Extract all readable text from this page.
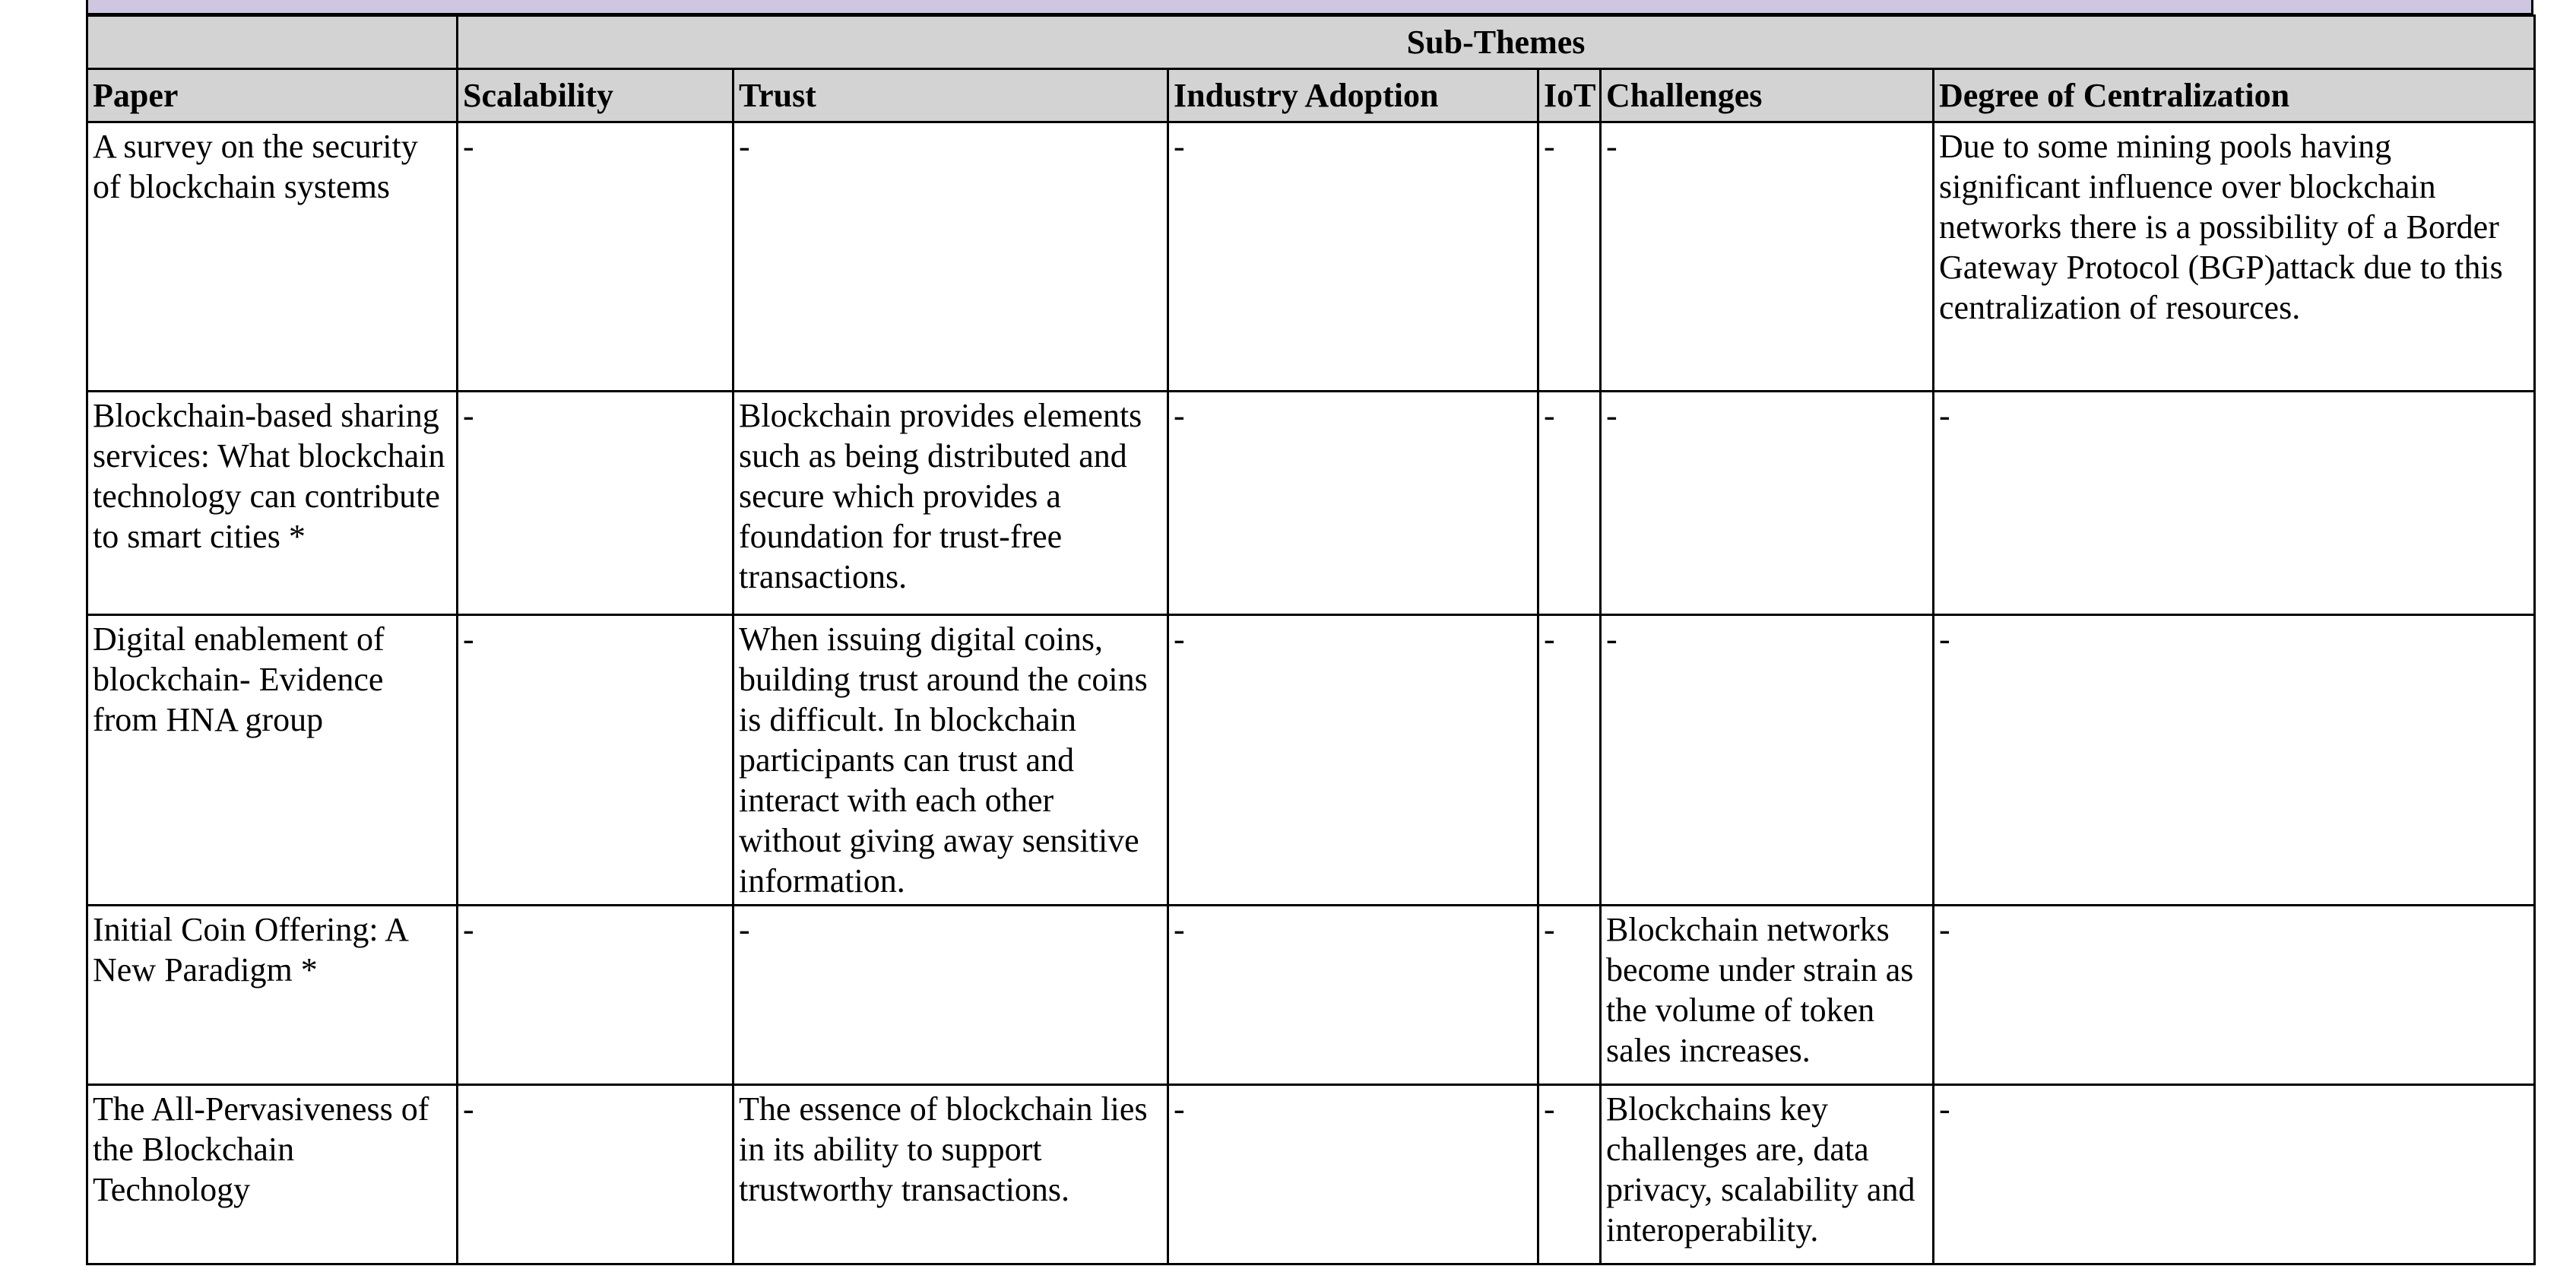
	Sub-Themes					
Paper	Scalability	Trust	Industry Adoption	IoT	Challenges	Degree of Centralization
A survey on the security of blockchain systems	-	-	-	-	-	Due to some mining pools having significant influence over blockchain networks there is a possibility of a Border Gateway Protocol (BGP)attack due to this centralization of resources.
Blockchain-based sharing services: What blockchain technology can contribute to smart cities *	-	Blockchain provides elements such as being distributed and secure which provides a foundation for trust-free transactions.	-	-	-	-
Digital enablement of blockchain- Evidence from HNA group	-	When issuing digital coins, building trust around the coins is difficult. In blockchain participants can trust and interact with each other without giving away sensitive information.	-	-	-	-
Initial Coin Offering: A New Paradigm *	-	-	-	-	Blockchain networks become under strain as the volume of token sales increases.	-
The All-Pervasiveness of the Blockchain Technology	-	The essence of blockchain lies in its ability to support trustworthy transactions.	-	-	Blockchains key challenges are, data privacy, scalability and interoperability.	-
